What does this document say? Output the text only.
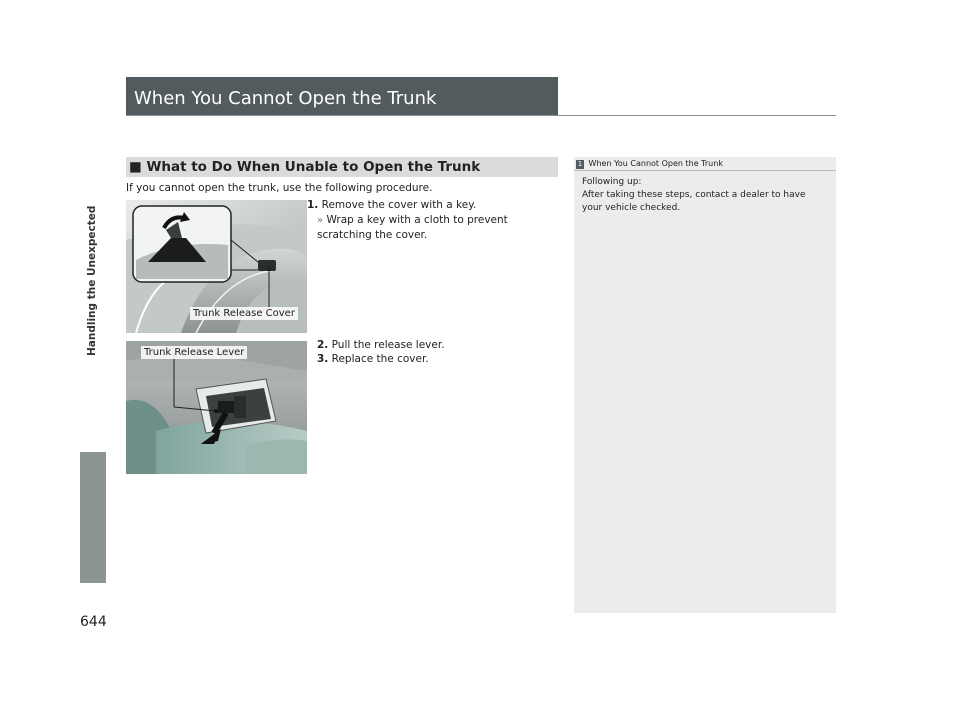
Handling the Unexpected
644
When You Cannot Open the Trunk
■ What to Do When Unable to Open the Trunk
If you cannot open the trunk, use the following procedure.
1. Remove the cover with a key.
» Wrap a key with a cloth to prevent scratching the cover.
2. Pull the release lever.
3. Replace the cover.
Trunk Release Cover
Trunk Release Lever
1 When You Cannot Open the Trunk
Following up:
After taking these steps, contact a dealer to have your vehicle checked.
